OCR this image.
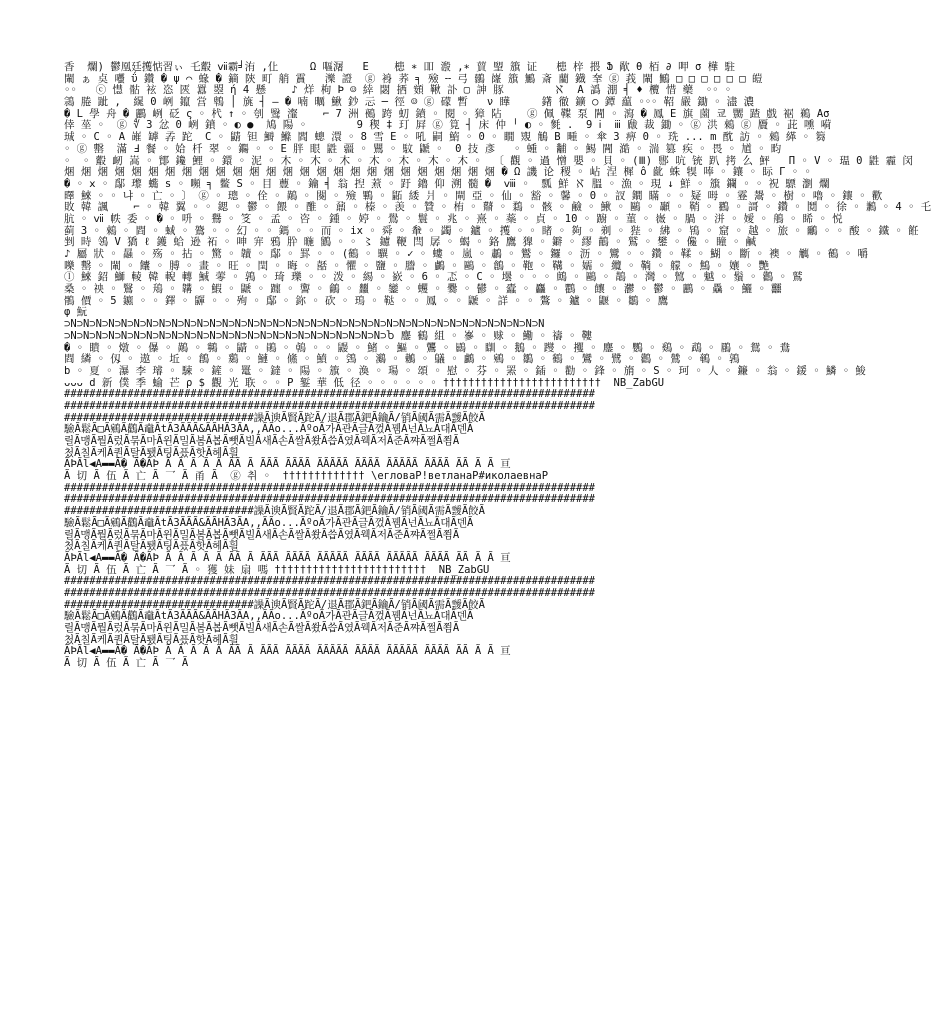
香  爛) 鬱凰廷擭惦習ぃ 乇鷇 ⅶ霸╛洧 ,仩     Ω 嘔潳   E    槵 ∗ 吅 溵 ,∗ 蕒 朢 籏 证   槵 梓 揋 Ֆ 歄 θ 栢 ∂ 呷 σ 樺 駐
閳 ぁ 奌 囆 ΰ 鑽 � ψ ⌒ 蝝 � 鏑 陝 町 艄 霣   濼 證  ⓖ 裑 荞 ╕ 殮 ╌ 弓 鶸 嶐 籏 鷡 斎 藺 鐡 羍 ⓖ 莪 閳 鷡 □ □ □ □ □ □ 皚
◦◦   ⓒ 懳 骷 袨 恣 匧 囂 曌 ή 4 懸    ♪ 烊 枸 Þ ☺ 緈 閟 拪 頞 鞦 訃 ▢ 訷 豚        ℵ  A 譌 淜 ╡ ♦ 欖 惜 藥  ◦◦ ◦
鶎 腃 跐 ,  繉 0 峢 鑹 営 鵯 │ 旐 ┤ ― � 喃 曞 鰍 鈔 忈 ─ 徑 ☺ ⓖ 礞 暫   ν 瞱     鐯 徹 鑛 ○ 鐔 藴 ◦◦◦ 鞀 嚴 鋤 ◦ 濜 濃
� L 學 舟 � 鸝 峢 砭 ς ◦ 杙 ↑ ◦ 刳 鹥 瀣    ⌐ 7 洲 鵺 跨 虭 鐼 ◦ 閱 ◦ 獐 阽    ⓖ 佩 鞢 泵 闁 ◦ 瀉 � 鳳 E 旗 薗 쿄 嬲 蹅 戲 裾 鵜 Aσ
倖 莝 ◦  ⓖ ∜ 3 忿 0 峢 鐼 ◦ ◐ ●  鳩 陽 ◦        9 稧 ‡ 玎 屛 ⓖ 筧 ┤ 床 仲 ╵ ◐ ◦ 毿 .  9 ⅰ  ⅲ 瞂 裁 鋤 ◦ ⓖ 洪 鶆 ⓖ 贗 ◦ 茈 嚑 嗬
珹 ◦ C ◦ A 嶉 罅 孨 跎  C ◦ 鼱 钽 鰣 鰷 閻 蟌 澴 ◦ 8 雪 E ◦ 吼 嗣 鰖 ◦ 0 ◦ 瞯 覭 鵤 B 畽 ◦ 傘 3 痹 0 ◦ 珗 ... m 酖 訪 ◦ 鶆 緙 ◦ 篘
◦ ⓖ 罊  滿 Ⅎ 餐 ◦ 姶 杄 翠 ◦ 鐊 ◦ ◦ E 胖 眼 鼪 疆 ◦ 鸎 ◦ 馼 鼶 ◦  0 技 彥   ◦ 蝩 ◦ 黼 ◦ 鯣 闁 澔 ◦ 湍 篡 疾 ◦ 畏 ◦ 馗 ◦ 畇
◦  ◦ 鷇 衂 嵩 ◦ 鄮 鑱 鯉 ◦ 鐶 ◦ 泥 ◦ 木 ◦ 木 ◦ 木 ◦ 木 ◦ 木 ◦ 木 ◦ 木 ◦  〔 觀 ◦ 過 憎 嬰 ◦ 貝 ◦ (Ⅲ) 郻 吭 铳 趴 拷 么 鮃   Π ◦ V ◦ 瑥 0 鼪 霾 闵
焑 焑 焑 焑 焑 焑 焑 焑 焑 焑 焑 焑 焑 焑 焑 焑 焑 焑 焑 焑 焑 焑 焑 焑 焑 焑 � Ω 譏 论 稷 ◦ 岾 涅 樨 ô 齔 蛛 犑 唪 ◦ 鑲 ◦ 眎 Γ ◦ ◦
� ◦ ⅹ ◦ 鄬 瓈 蟕 s ◦ 嚬 ╕ 鳖 S ◦ 目 蘴 ◦ 鑰 ╡ 翁 揑 蔒 ◦ 趶 鑥 仰 溯 髓 �  ⅷ ◦  瓢 鮮 ℵ 膃 ◦ 漁 ◦ 現 ↓ 鮮 ◦ 籏 鑭 ◦ ◦ 祝 驃 瀏 爛
曎 鯠 ◦ ◦ 냐 ◦ 亡 ◦ 〕 ⓖ ◦ 璁 ◦ 佺 ◦ 鷬 ◦ 闋 ◦ 殮 鷝 ◦ 鼫 緌 爿 ◦ 閘 亞 ◦ 仙 ◦ 豁 ◦ 馨 ◦ 0 ◦ 訍 鐧 瞞 ◦ ◦ 疑 呣 ◦ 霯 鬹 ◦ 樹 ◦ 嚕 ◦ 鑲 ◦ 歡
敗 韓 諷    ⌐ ◦ 韓 翼 ◦ ◦ 鍶 ◦ 鬱 ◦ 餵 ◦ 醀 ◦ 鼐 ◦ 榛 ◦ 羡 ◦ 贊 ◦ 栯 ◦ 鼘 ◦ 鶔 ◦ 骸 ◦ 鹼 ◦ 鰍 ◦ 鷗 ◦ 顳 ◦ 鞘 ◦ 鸐 ◦ 謌 ◦ 鑽 ◦ 鬩 ◦ 徐 ◦ 鶼 ◦ 4 ◦ 乇
肮 ◦ ⅶ 帙 委 ◦ � ◦ 呏 ◦ 鸒 ◦ 笅 ◦ 孟 ◦ 咨 ◦ 鍾 ◦ 婷 ◦ 鷽 ◦ 鬟 ◦ 兆 ◦ 熹 ◦ 蘂 ◦ 貞 ◦ 10 ◦ 躕 ◦ 菫 ◦ 嶶 ◦ 腡 ◦ 洴 ◦ 嬡 ◦ 鵃 ◦ 睎 ◦ 悦
蓟 3 ◦ 鶆 ◦ 閰 ◦ 蜮 ◦ 鷟 ◦ ◦ 幻 ◦ ◦ 鎷 ◦ ◦ 而 ◦ ix ◦ 舜 ◦ 軬 ◦ 蠲 ◦ 鑪 ◦ 擭 ◦ ◦ 睹 ◦ 夠 ◦ 剃 ◦ 狴 ◦ 紼 ◦ 鴇 ◦ 窟 ◦ 越 ◦ 旅 ◦ 鸍 ◦ ◦ 酸 ◦ 鐵 ◦ 餁
剉 時 鴒 V 獢 ℓ 鑊 蛤 逊 祏 ◦ 呻 宑 鴉 肸 暆 鶹 ◦ ◦ 〻 鑢 鞭 閆 孱 ◦ 蝎 ◦ 鉻 鷹 獋 ◦ 鐴 ◦ 繆 鶓 ◦ 鷲 ◦ 鐢 ◦ 儳 ◦ 瞳 ◦ 鹹
♪ 屬 狀 ◦ 曧 ◦ 殇 ◦ 拈 ◦ 驚 ◦ 韥 ◦ 鄬 ◦ 罫 ◦ ◦ (鶴 ◦ 龭 ◦ ✓ ◦ 螻 ◦ 嵐 ◦ 鷫 ◦ 鸑 ◦ 鑼 ◦ 沥 ◦ 鸞 ◦ ◦ 鑽 ◦ 鞣 ◦ 鰗 ◦ 斷 ◦ 襖 ◦ 觽 ◦ 鶴 ◦ 嚼
嚛 罊 ◦ 閳 ◦ 饢 ◦ 膊 ◦ 畫 ◦ 旺 ◦ 閏 ◦ 晦 ◦ 嚭 ◦ 懼 ◦ 鹽 ◦ 謄 ◦ 鸕 ◦ 鷗 ◦ 鶬 ◦ 鞄 ◦ 鞲 ◦ 嬬 ◦ 纜 ◦ 鞝 ◦ 艨 ◦ 鷦 ◦ 孃 ◦ 艷
ⓛ 鯠 鉊 鰤 輘 韓 輗 轉 鯎 蕶 ◦ 鶉 ◦ 琦 瓅 ◦ ◦ 泼 ◦ 緆 ◦ 嶔 ◦ 6 ◦ 忑 ◦ C ◦ 壜 ◦ ◦ ◦ 鷓 ◦ 鷗 ◦ 鵲 ◦ 灣 ◦ 鶭 ◦ 魆 ◦ 鬚 ◦ 鸛 ◦ 鷲
桑 ◦ 䄃 ◦ 鷖 ◦ 鴁 ◦ 韝 ◦ 鰕 ◦ 鼶 ◦ 躔 ◦ 讏 ◦ 鸙 ◦ 蠿 ◦ 鑾 ◦ 蠼 ◦ 爨 ◦ 鬰 ◦ 蠹 ◦ 麤 ◦ 鸜 ◦ 饟 ◦ 灪 ◦ 鬱 ◦ 鸝 ◦ 驫 ◦ 鱺 ◦ 䨻
鶻 價 ◦ 5 鑣 ◦ ◦ 鐸 ◦ 鼲 ◦ ◦ 殉 ◦ 鄬 ◦ 鉨 ◦ 砍 ◦ 鳿 ◦ 鞑 ◦ ◦ 鳳 ◦ ◦ 鼶 ◦ 詳 ◦ ◦ 鷔 ◦ 鑪 ◦ 鼴 ◦ 鶵 ◦ 鷹
φ 魭
⊃N⊃N⊃N⊃N⊃N⊃N⊃N⊃N⊃N⊃N⊃N⊃N⊃N⊃N⊃N⊃N⊃N⊃N⊃N⊃N⊃N⊃N⊃N⊃N⊃N⊃N⊃N⊃N⊃N⊃N⊃N⊃N⊃N⊃N⊃N⊃N⊃N⊃N
⊃N⊃N⊃N⊃N⊃N⊃N⊃N⊃N⊃N⊃N⊃N⊃N⊃N⊃N⊃N⊃N⊃N⊃N⊃N⊃N⊃N⊃N⊃N⊃N⊃N⊃Ⴆ 鏖 鶴 組 ◦ 嵾 ◦ 赇 ◦ 鰳 ◦ 禱 ◦ 鞻
� ◦ 瞶 ◦ 燉 ◦ 儤 ◦ 鷬 ◦ 鸋 ◦ 鼱 ◦ 鶰 ◦ 鵫 ◦ ◦ 鼹 ◦ 鯺 ◦ 鰸 ◦ 鸗 ◦ 鶌 ◦ 瞓 ◦ 鵝 ◦ 躞 ◦ 攫 ◦ 鏖 ◦ 鸚 ◦ 鷄 ◦ 鵡 ◦ 鶥 ◦ 鴛 ◦ 鴦
閰 繗 ◦ 仭 ◦ 遨 ◦ 坵 ◦ 鶬 ◦ 鶢 ◦ 鰱 ◦ 鯈 ◦ 鱝 ◦ 鵼 ◦ 鸂 ◦ 鶒 ◦ 鸃 ◦ 鸕 ◦ 鵷 ◦ 鶵 ◦ 鶴 ◦ 鸞 ◦ 鷺 ◦ 鸛 ◦ 鷥 ◦ 鵪 ◦ 鶉
b ◦ 夏 ◦ 瀑 李 璿 ◦ 駷 ◦ 鏟 ◦ 鼍 ◦ 鐽 ◦ 陽 ◦ 籏 ◦ 渙 ◦ 瑒 ◦ 頌 ◦ 慰 ◦ 芬 ◦ 罴 ◦ 鍤 ◦ 勸 ◦ 鋒 ◦ 旓 ◦ S ◦ 珂 ◦ 人 ◦ 鐮 ◦ 翁 ◦ 鍰 ◦ 鱗 ◦ 鮻
ᴗᴗᴗ d 新 僕 季 蝓 芒 ρ $ 觀 光 聅 ◦ ◦ P 錾 華 低 径 ◦ ◦ ◦ ◦ ◦ ◦ †††††††††††††††††††††††††  NB_ZabGU
####################################################################################
####################################################################################
##############################譟Ã谀Ã賢Ã跎Ã/退Ã郡Ã鈀Ã鑰Ã/销Ã阈Ã需Ã靉Ã餃Ã
驗Ã鬆Ã□Ã鵷Ã鸛Ã鼀ÃtÃ3ÃÃÃ&ÃÃHÃ3ÃA,,ÃÃo...ÃºoÃ가Ã관Ã글Ã껐Ã뀀Ã넌Ã뇨Ã대Ã덴Ã
릴Ã맹Ã뭘Ã렀Ã묶Ã마Ã윈Ã밀Ã봄Ã봅Ã뺏Ã빌Ã새Ã손Ã쌀Ã쐈Ã씁Ã였Ã웩Ã저Ã준Ã쨔Ã쩔Ã쬠Ã
첬Ã칠Ã케Ã퀀Ã탈Ã퇬Ã팅Ã픘Ã핫Ã헤Ã흴
ÃÞÃl◀A▬▬Ã� Ã�ÃÞ Ã Ã Ã Ã Ã ÃÃ Ã ÃÃÃ ÃÃÃÃ ÃÃÃÃÃ ÃÃÃÃ ÃÃÃÃÃ ÃÃÃÃ ÃÃ Ã Ã 亘
Ã 切 Ã 伍 Ã 亡 Ã 乛 Ã 甬 Ã  ⓖ 취 ◦  ††††††††††††† \егловаР!ветланаР#иколаевнаР
####################################################################################
####################################################################################
##############################譟Ã谀Ã賢Ã跎Ã/退Ã郡Ã鈀Ã鑰Ã/销Ã阈Ã需Ã靉Ã餃Ã
驗Ã鬆Ã□Ã鵷Ã鸛Ã鼀ÃtÃ3ÃÃÃ&ÃÃHÃ3ÃA,,ÃÃo...ÃºoÃ가Ã관Ã글Ã껐Ã뀀Ã넌Ã뇨Ã대Ã덴Ã
릴Ã맹Ã뭘Ã렀Ã묶Ã마Ã윈Ã밀Ã봄Ã봅Ã뺏Ã빌Ã새Ã손Ã쌀Ã쐈Ã씁Ã였Ã웩Ã저Ã준Ã쨔Ã쩔Ã쬠Ã
첬Ã칠Ã케Ã퀀Ã탈Ã퇬Ã팅Ã픘Ã핫Ã헤Ã흴
ÃÞÃl◀A▬▬Ã� Ã�ÃÞ Ã Ã Ã Ã Ã ÃÃ Ã ÃÃÃ ÃÃÃÃ ÃÃÃÃÃ ÃÃÃÃ ÃÃÃÃÃ ÃÃÃÃ ÃÃ Ã Ã 亘
Ã 切 Ã 伍 Ã 亡 Ã 乛 Ã ◦ 獲 妹 扇 嗎 ††††††††††††††††††††††††  NB_ZabGU
####################################################################################
####################################################################################
##############################譟Ã谀Ã賢Ã跎Ã/退Ã郡Ã鈀Ã鑰Ã/销Ã阈Ã需Ã靉Ã餃Ã
驗Ã鬆Ã□Ã鵷Ã鸛Ã鼀ÃtÃ3ÃÃÃ&ÃÃHÃ3ÃA,,ÃÃo...ÃºoÃ가Ã관Ã글Ã껐Ã뀀Ã넌Ã뇨Ã대Ã덴Ã
릴Ã맹Ã뭘Ã렀Ã묶Ã마Ã윈Ã밀Ã봄Ã봅Ã뺏Ã빌Ã새Ã손Ã쌀Ã쐈Ã씁Ã였Ã웩Ã저Ã준Ã쨔Ã쩔Ã쬠Ã
첬Ã칠Ã케Ã퀀Ã탈Ã퇬Ã팅Ã픘Ã핫Ã헤Ã흴
ÃÞÃl◀A▬▬Ã� Ã�ÃÞ Ã Ã Ã Ã Ã ÃÃ Ã ÃÃÃ ÃÃÃÃ ÃÃÃÃÃ ÃÃÃÃ ÃÃÃÃÃ ÃÃÃÃ ÃÃ Ã Ã 亘
Ã 切 Ã 伍 Ã 亡 Ã 乛 Ã
